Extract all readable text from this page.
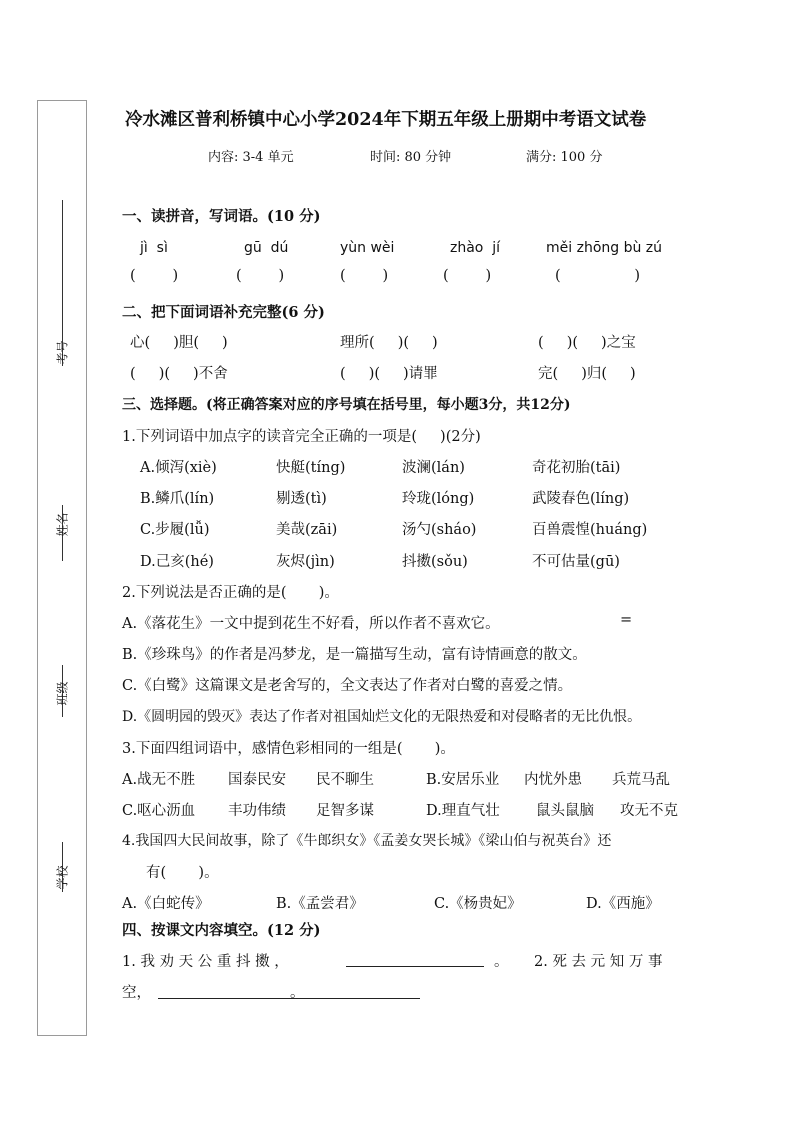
考号
姓名
班级
学校
冷水滩区普利桥镇中心小学2024年下期五年级上册期中考语文试卷
内容: 3-4 单元	时间: 80 分钟	满分: 100 分
一、读拼音，写词语。(10 分)
jì  sì	gū  dú	yùn wèi	zhào  jí	měi zhōng bù zú
(        )	(        )	(        )	(        )	(                )
二、把下面词语补充完整(6 分)
心(     )胆(     )	理所(     )(     )	(     )(     )之宝
(     )(     )不舍	(     )(     )请罪	完(     )归(     )
三、选择题。(将正确答案对应的序号填在括号里，每小题3分，共12分)
1.下列词语中加点字的读音完全正确的一项是(     )(2分)
A.倾泻(xiè)	快艇(tíng)	波澜(lán)	奇花初胎(tāi)
B.鳞爪(lín)	剔透(tì)	玲珑(lóng)	武陵春色(líng)
C.步履(lǚ)	美哉(zāi)	汤勺(sháo)	百兽震惶(huáng)
D.己亥(hé)	灰烬(jìn)	抖擞(sǒu)	不可估量(gū)
2.下列说法是否正确的是(       )。
A.《落花生》一文中提到花生不好看，所以作者不喜欢它。	=
B.《珍珠鸟》的作者是冯梦龙，是一篇描写生动，富有诗情画意的散文。
C.《白鹭》这篇课文是老舍写的，全文表达了作者对白鹭的喜爱之情。
D.《圆明园的毁灭》表达了作者对祖国灿烂文化的无限热爱和对侵略者的无比仇恨。
3.下面四组词语中，感情色彩相同的一组是(       )。
A.战无不胜 国泰民安 民不聊生	B.安居乐业 内忧外患 兵荒马乱
C.呕心沥血 丰功伟绩 足智多谋	D.理直气壮	鼠头鼠脑 攻无不克
4.我国四大民间故事，除了《牛郎织女》《孟姜女哭长城》《梁山伯与祝英台》还
有(       )。
A.《白蛇传》	B.《孟尝君》	C.《杨贵妃》	D.《西施》
四、按课文内容填空。(12 分)
1. 我 劝 天 公 重 抖 擞 ，	。 2. 死 去 元 知 万 事
空，	。
